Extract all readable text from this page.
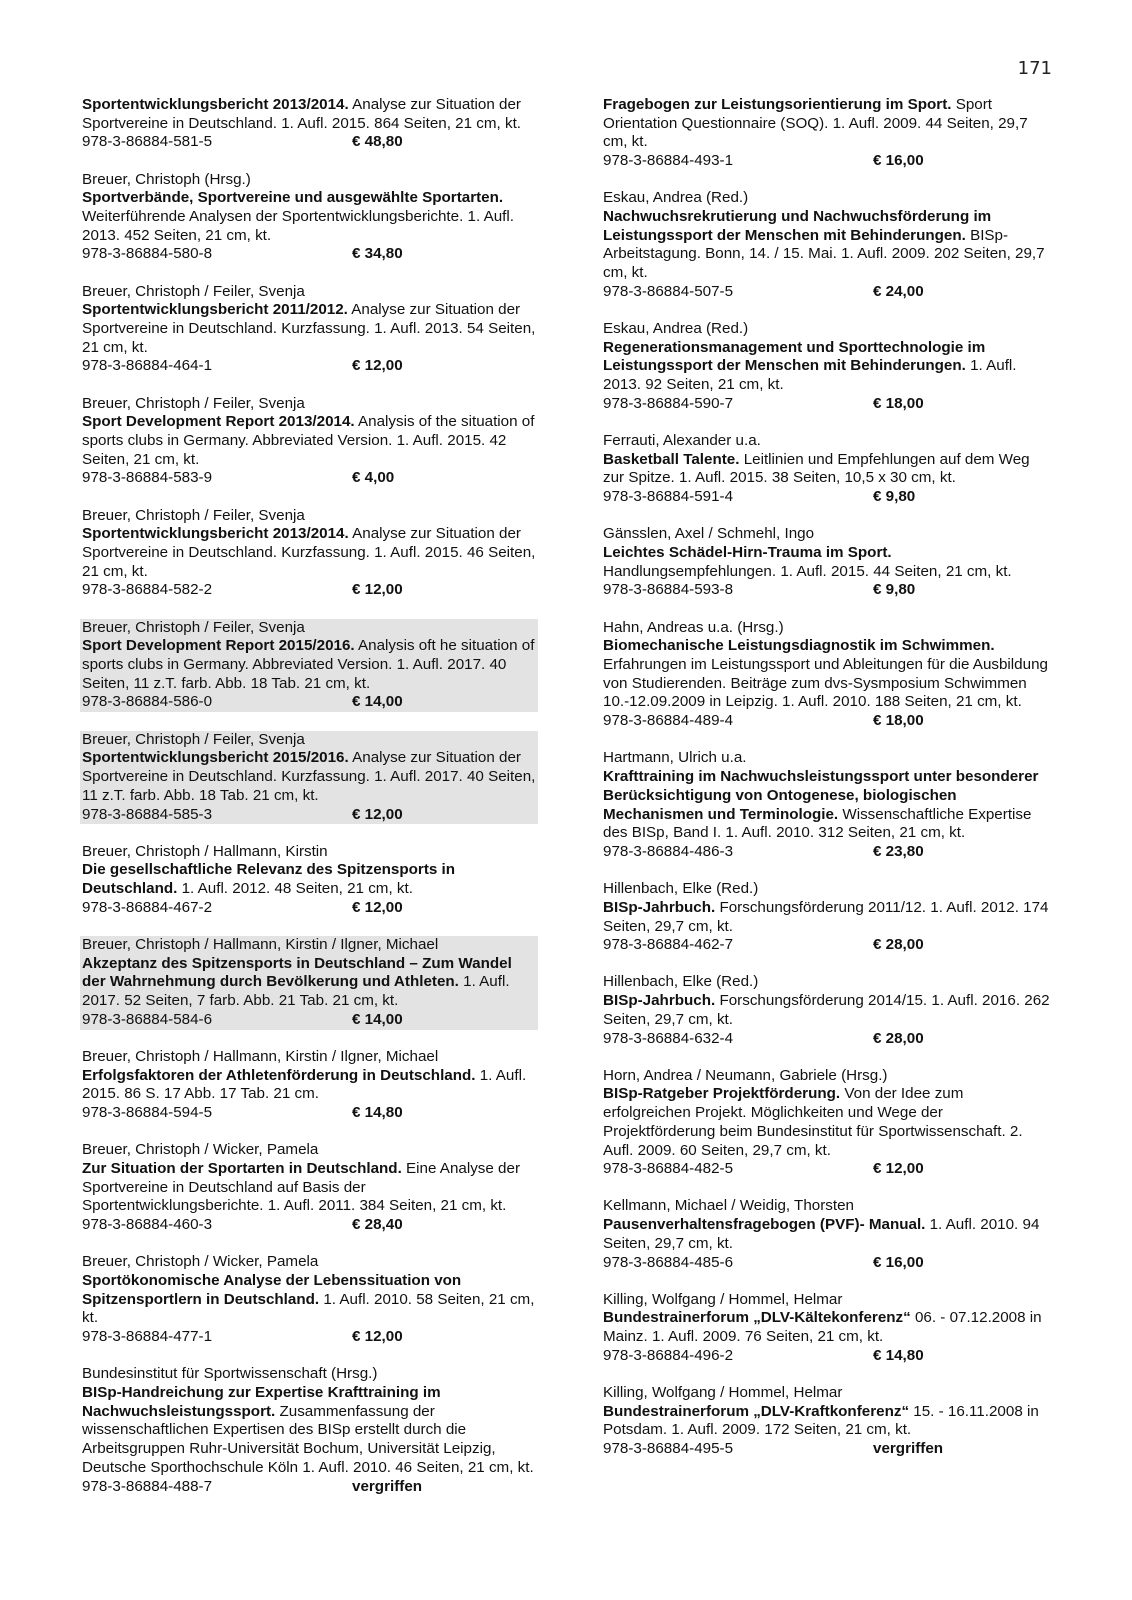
171
Sportentwicklungsbericht 2013/2014. Analyse zur Situation der Sportvereine in Deutschland. 1. Aufl. 2015. 864 Seiten, 21 cm, kt.
978-3-86884-581-5	€ 48,80
Breuer, Christoph (Hrsg.)
Sportverbände, Sportvereine und ausgewählte Sportarten. Weiterführende Analysen der Sportentwicklungsberichte. 1. Aufl. 2013. 452 Seiten, 21 cm, kt.
978-3-86884-580-8	€ 34,80
Breuer, Christoph / Feiler, Svenja
Sportentwicklungsbericht 2011/2012. Analyse zur Situation der Sportvereine in Deutschland. Kurzfassung. 1. Aufl. 2013. 54 Seiten, 21 cm, kt.
978-3-86884-464-1	€ 12,00
Breuer, Christoph / Feiler, Svenja
Sport Development Report 2013/2014. Analysis of the situation of sports clubs in Germany. Abbreviated Version. 1. Aufl. 2015. 42 Seiten, 21 cm, kt.
978-3-86884-583-9	€ 4,00
Breuer, Christoph / Feiler, Svenja
Sportentwicklungsbericht 2013/2014. Analyse zur Situation der Sportvereine in Deutschland. Kurzfassung. 1. Aufl. 2015. 46 Seiten, 21 cm, kt.
978-3-86884-582-2	€ 12,00
Breuer, Christoph / Feiler, Svenja
Sport Development Report 2015/2016. Analysis oft he situation of sports clubs in Germany. Abbreviated Version. 1. Aufl. 2017. 40 Seiten, 11 z.T. farb. Abb. 18 Tab. 21 cm, kt.
978-3-86884-586-0	€ 14,00
Breuer, Christoph / Feiler, Svenja
Sportentwicklungsbericht 2015/2016. Analyse zur Situation der Sportvereine in Deutschland. Kurzfassung. 1. Aufl. 2017. 40 Seiten, 11 z.T. farb. Abb. 18 Tab. 21 cm, kt.
978-3-86884-585-3	€ 12,00
Breuer, Christoph / Hallmann, Kirstin
Die gesellschaftliche Relevanz des Spitzensports in Deutschland. 1. Aufl. 2012. 48 Seiten, 21 cm, kt.
978-3-86884-467-2	€ 12,00
Breuer, Christoph / Hallmann, Kirstin / Ilgner, Michael
Akzeptanz des Spitzensports in Deutschland – Zum Wandel der Wahrnehmung durch Bevölkerung und Athleten. 1. Aufl. 2017. 52 Seiten, 7 farb. Abb. 21 Tab. 21 cm, kt.
978-3-86884-584-6	€ 14,00
Breuer, Christoph / Hallmann, Kirstin / Ilgner, Michael
Erfolgsfaktoren der Athletenförderung in Deutschland. 1. Aufl. 2015. 86 S. 17 Abb. 17 Tab. 21 cm.
978-3-86884-594-5	€ 14,80
Breuer, Christoph / Wicker, Pamela
Zur Situation der Sportarten in Deutschland. Eine Analyse der Sportvereine in Deutschland auf Basis der Sportentwicklungsberichte. 1. Aufl. 2011. 384 Seiten, 21 cm, kt.
978-3-86884-460-3	€ 28,40
Breuer, Christoph / Wicker, Pamela
Sportökonomische Analyse der Lebenssituation von Spitzensportlern in Deutschland. 1. Aufl. 2010. 58 Seiten, 21 cm, kt.
978-3-86884-477-1	€ 12,00
Bundesinstitut für Sportwissenschaft (Hrsg.)
BISp-Handreichung zur Expertise Krafttraining im Nachwuchsleistungssport. Zusammenfassung der wissenschaftlichen Expertisen des BISp erstellt durch die Arbeitsgruppen Ruhr-Universität Bochum, Universität Leipzig, Deutsche Sporthochschule Köln 1. Aufl. 2010. 46 Seiten, 21 cm, kt.
978-3-86884-488-7	vergriffen
Fragebogen zur Leistungsorientierung im Sport. Sport Orientation Questionnaire (SOQ). 1. Aufl. 2009. 44 Seiten, 29,7 cm, kt.
978-3-86884-493-1	€ 16,00
Eskau, Andrea (Red.)
Nachwuchsrekrutierung und Nachwuchsförderung im Leistungssport der Menschen mit Behinderungen. BISp-Arbeitstagung. Bonn, 14. / 15. Mai. 1. Aufl. 2009. 202 Seiten, 29,7 cm, kt.
978-3-86884-507-5	€ 24,00
Eskau, Andrea (Red.)
Regenerationsmanagement und Sporttechnologie im Leistungssport der Menschen mit Behinderungen. 1. Aufl. 2013. 92 Seiten, 21 cm, kt.
978-3-86884-590-7	€ 18,00
Ferrauti, Alexander u.a.
Basketball Talente. Leitlinien und Empfehlungen auf dem Weg zur Spitze. 1. Aufl. 2015. 38 Seiten, 10,5 x 30 cm, kt.
978-3-86884-591-4	€ 9,80
Gänsslen, Axel / Schmehl, Ingo
Leichtes Schädel-Hirn-Trauma im Sport. Handlungsempfehlungen. 1. Aufl. 2015. 44 Seiten, 21 cm, kt.
978-3-86884-593-8	€ 9,80
Hahn, Andreas u.a. (Hrsg.)
Biomechanische Leistungsdiagnostik im Schwimmen. Erfahrungen im Leistungssport und Ableitungen für die Ausbildung von Studierenden. Beiträge zum dvs-Sysmposium Schwimmen 10.-12.09.2009 in Leipzig. 1. Aufl. 2010. 188 Seiten, 21 cm, kt.
978-3-86884-489-4	€ 18,00
Hartmann, Ulrich u.a.
Krafttraining im Nachwuchsleistungssport unter besonderer Berücksichtigung von Ontogenese, biologischen Mechanismen und Terminologie. Wissenschaftliche Expertise des BISp, Band I. 1. Aufl. 2010. 312 Seiten, 21 cm, kt.
978-3-86884-486-3	€ 23,80
Hillenbach, Elke (Red.)
BISp-Jahrbuch. Forschungsförderung 2011/12. 1. Aufl. 2012. 174 Seiten, 29,7 cm, kt.
978-3-86884-462-7	€ 28,00
Hillenbach, Elke (Red.)
BISp-Jahrbuch. Forschungsförderung 2014/15. 1. Aufl. 2016. 262 Seiten, 29,7 cm, kt.
978-3-86884-632-4	€ 28,00
Horn, Andrea / Neumann, Gabriele (Hrsg.)
BISp-Ratgeber Projektförderung. Von der Idee zum erfolgreichen Projekt. Möglichkeiten und Wege der Projektförderung beim Bundesinstitut für Sportwissenschaft. 2. Aufl. 2009. 60 Seiten, 29,7 cm, kt.
978-3-86884-482-5	€ 12,00
Kellmann, Michael / Weidig, Thorsten
Pausenverhaltensfragebogen (PVF)- Manual. 1. Aufl. 2010. 94 Seiten, 29,7 cm, kt.
978-3-86884-485-6	€ 16,00
Killing, Wolfgang / Hommel, Helmar
Bundestrainerforum „DLV-Kältekonferenz“ 06. - 07.12.2008 in Mainz. 1. Aufl. 2009. 76 Seiten, 21 cm, kt.
978-3-86884-496-2	€ 14,80
Killing, Wolfgang / Hommel, Helmar
Bundestrainerforum „DLV-Kraftkonferenz“ 15. - 16.11.2008 in Potsdam. 1. Aufl. 2009. 172 Seiten, 21 cm, kt.
978-3-86884-495-5	vergriffen
